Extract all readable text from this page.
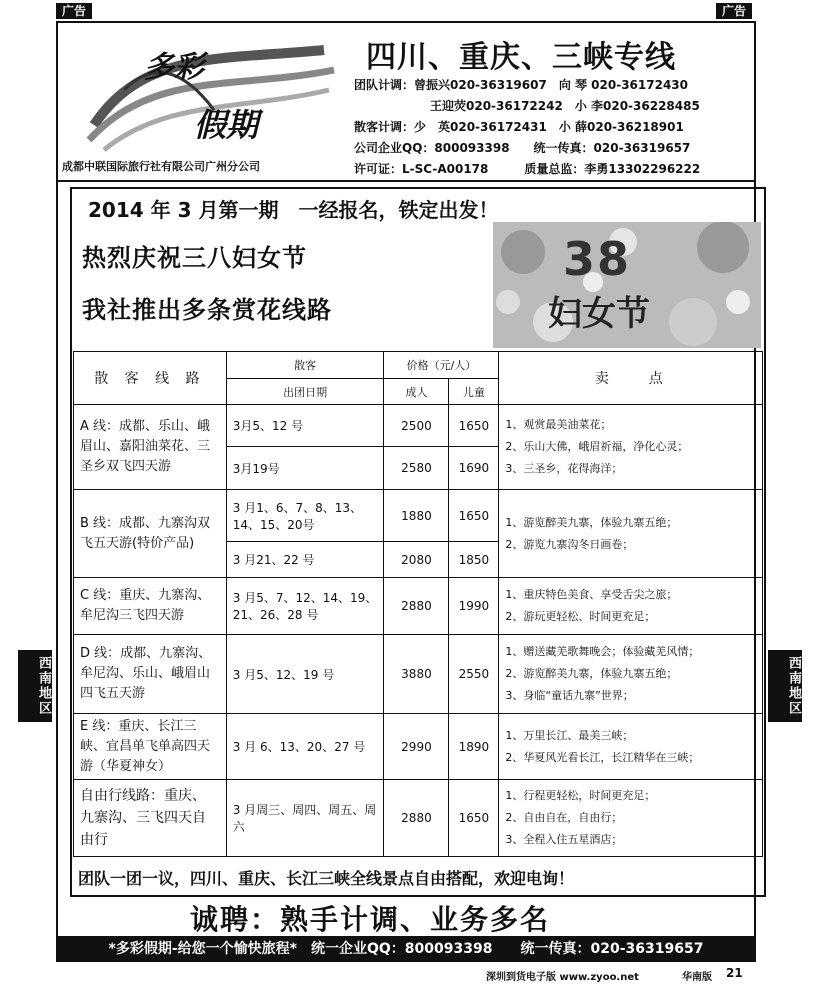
广告	广告
西南地区	西南地区
多彩
假期
成都中联国际旅行社有限公司广州分公司
四川、重庆、三峡专线
团队计调：曾振兴020-36319607　向 琴 020-36172430
王迎荧020-36172242　小 李020-36228485
散客计调：少　英020-36172431　小 薛020-36218901
公司企业QQ：800093398　　统一传真：020-36319657
许可证：L-SC-A00178　　　质量总监：李勇13302296222
2014 年 3 月第一期　一经报名，铁定出发！
热烈庆祝三八妇女节
我社推出多条赏花线路
38
妇女节
散 客 线 路	散客	价格（元/人）		卖　　点
	出团日期	成人	儿童	
A 线：成都、乐山、峨眉山、嘉阳油菜花、三圣乡双飞四天游	3月5、12 号	2500	1650	1、观赏最美油菜花；
2、乐山大佛，峨眉祈福，净化心灵；
3、三圣乡，花得海洋；

	3月19号	2580	1690	
B 线：成都、九寨沟双飞五天游(特价产品)	3 月1、6、7、8、13、14、15、20号	1880	1650	1、游览醉美九寨，体验九寨五绝；
2、游览九寨沟冬日画卷；

	3 月21、22 号	2080	1850	
C 线：重庆、九寨沟、牟尼沟三飞四天游	3 月5、7、12、14、19、21、26、28 号	2880	1990	1、重庆特色美食、享受舌尖之旅；
2、游玩更轻松、时间更充足；

D 线：成都、九寨沟、牟尼沟、乐山、峨眉山四飞五天游	3 月5、12、19 号	3880	2550	1、赠送藏羌歌舞晚会；体验藏羌风情；
2、游览醉美九寨，体验九寨五绝；
3、身临“童话九寨”世界；

E 线：重庆、长江三峡、宜昌单飞单高四天游（华夏神女）	3 月 6、13、20、27 号	2990	1890	1、万里长江、最美三峡；
2、华夏风光看长江，长江精华在三峡；

自由行线路：重庆、九寨沟、三飞四天自由行	3 月周三、周四、周五、周六	2880	1650	1、行程更轻松，时间更充足；
2、自由自在，自由行；
3、全程入住五星酒店；
团队一团一议，四川、重庆、长江三峡全线景点自由搭配，欢迎电询！
诚聘：熟手计调、业务多名
*多彩假期-给您一个愉快旅程*　统一企业QQ：800093398　　统一传真：020-36319657
深圳到货电子版 www.zyoo.net	华南版 21
